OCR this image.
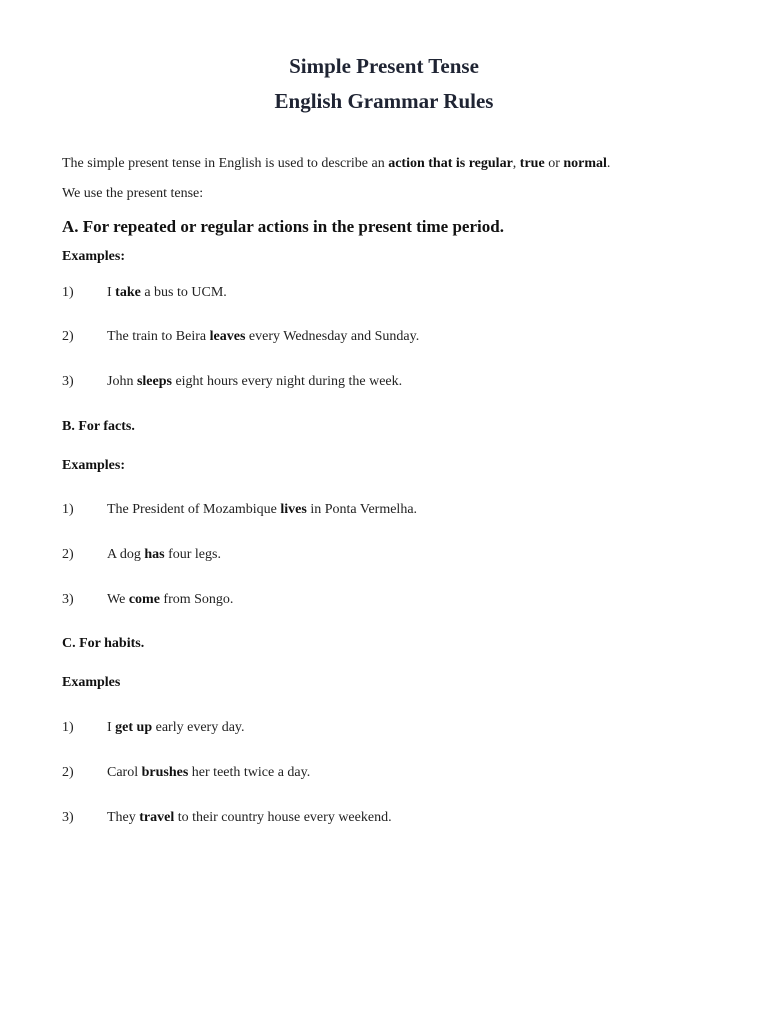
Simple Present Tense
English Grammar Rules
The simple present tense in English is used to describe an action that is regular, true or normal.
We use the present tense:
A. For repeated or regular actions in the present time period.
Examples:
1) I take a bus to UCM.
2) The train to Beira leaves every Wednesday and Sunday.
3) John sleeps eight hours every night during the week.
B. For facts.
Examples:
1) The President of Mozambique lives in Ponta Vermelha.
2) A dog has four legs.
3) We come from Songo.
C. For habits.
Examples
1) I get up early every day.
2) Carol brushes her teeth twice a day.
3) They travel to their country house every weekend.
